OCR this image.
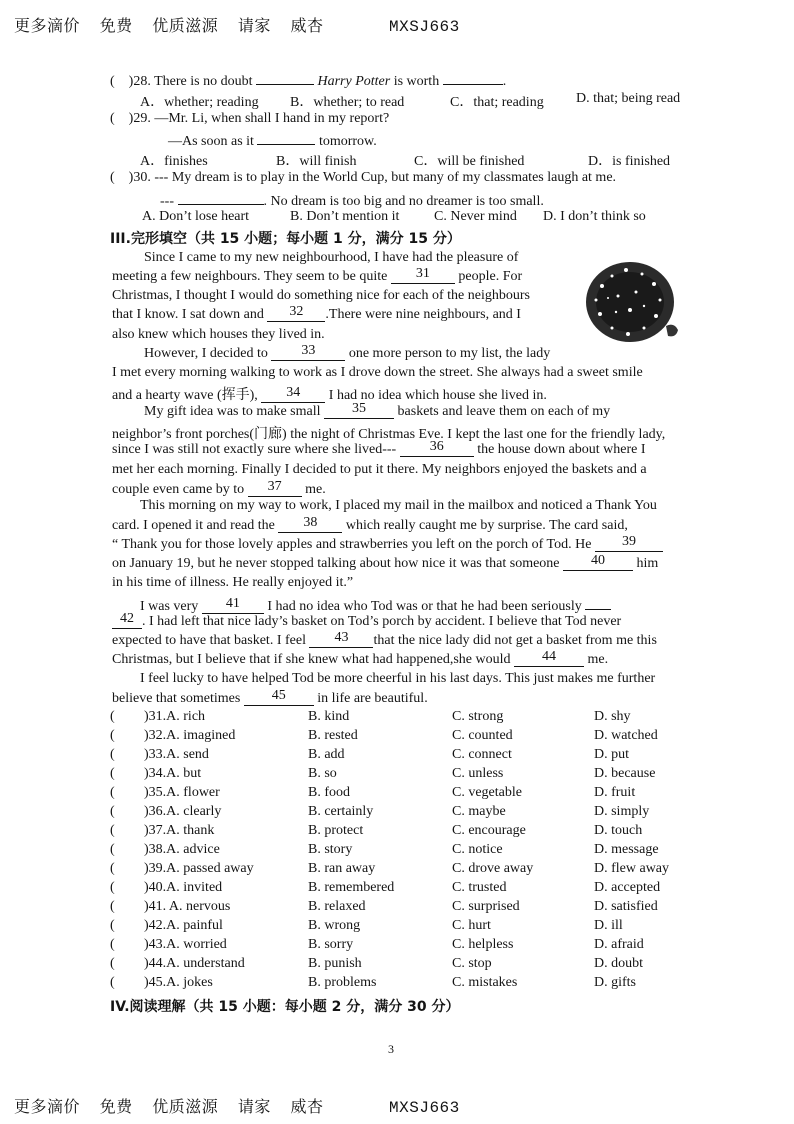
更多滴价 免费 优质滋源 请家 威杏	MXSJ663
( )28. There is no doubt	Harry Potter is worth	.
A．whether; reading B．whether; to read	C．that; reading D. that; being read
( )29. —Mr. Li, when shall I hand in my report?
—As soon as it	tomorrow.
A．finishes	B．will finish	C．will be finished	D．is finished
( )30. --- My dream is to play in the World Cup, but many of my classmates laugh at me.
---	. No dream is too big and no dreamer is too small.
A. Don’t lose heart	B. Don’t mention it C. Never mind D. I don’t think so
III.完形填空（共 15 小题；每小题 1 分，满分 15 分）
Since I came to my new neighbourhood, I have had the pleasure of
meeting a few neighbours. They seem to be quite 31 people. For
Christmas, I thought I would do something nice for each of the neighbours
that I know. I sat down and 32 .There were nine neighbours, and I
also knew which houses they lived in.
However, I decided to 33 one more person to my list, the lady
I met every morning walking to work as I drove down the street. She always had a sweet smile
and a hearty wave (挥手), 34 I had no idea which house she lived in.
My gift idea was to make small 35 baskets and leave them on each of my
neighbor’s front porches(门廊) the night of Christmas Eve. I kept the last one for the friendly lady,
since I was still not exactly sure where she lived--- 36 the house down about where I
met her each morning. Finally I decided to put it there. My neighbors enjoyed the baskets and a
couple even came by to 37 me.
This morning on my way to work, I placed my mail in the mailbox and noticed a Thank You
card. I opened it and read the 38 which really caught me by surprise. The card said,
“ Thank you for those lovely apples and strawberries you left on the porch of Tod. He 39
on January 19, but he never stopped talking about how nice it was that someone 40 him
in his time of illness. He really enjoyed it.”
I was very 41 I had no idea who Tod was or that he had been seriously
42 . I had left that nice lady’s basket on Tod’s porch by accident. I believe that Tod never
expected to have that basket. I feel 43 that the nice lady did not get a basket from me this
Christmas, but I believe that if she knew what had happened,she would 44 me.
I feel lucky to have helped Tod be more cheerful in his last days. This just makes me further
believe that sometimes 45 in life are beautiful.
( )31.A. rich	B. kind	C. strong	D. shy
( )32.A. imagined	B. rested	C. counted	D. watched
( )33.A. send	B. add	C. connect	D. put
( )34.A. but	B. so	C. unless	D. because
( )35.A. flower	B. food	C. vegetable	D. fruit
( )36.A. clearly	B. certainly	C. maybe	D. simply
( )37.A. thank	B. protect	C. encourage	D. touch
( )38.A. advice	B. story	C. notice	D. message
( )39.A. passed away	B. ran away	C. drove away	D. flew away
( )40.A. invited	B. remembered	C. trusted	D. accepted
( )41. A. nervous	B. relaxed	C. surprised	D. satisfied
( )42.A. painful	B. wrong	C. hurt	D. ill
( )43.A. worried	B. sorry	C. helpless	D. afraid
( )44.A. understand	B. punish	C. stop	D. doubt
( )45.A. jokes	B. problems	C. mistakes	D. gifts
IV.阅读理解（共 15 小题：每小题 2 分，满分 30 分）
3
更多滴价 免费 优质滋源 请家 威杏	MXSJ663
